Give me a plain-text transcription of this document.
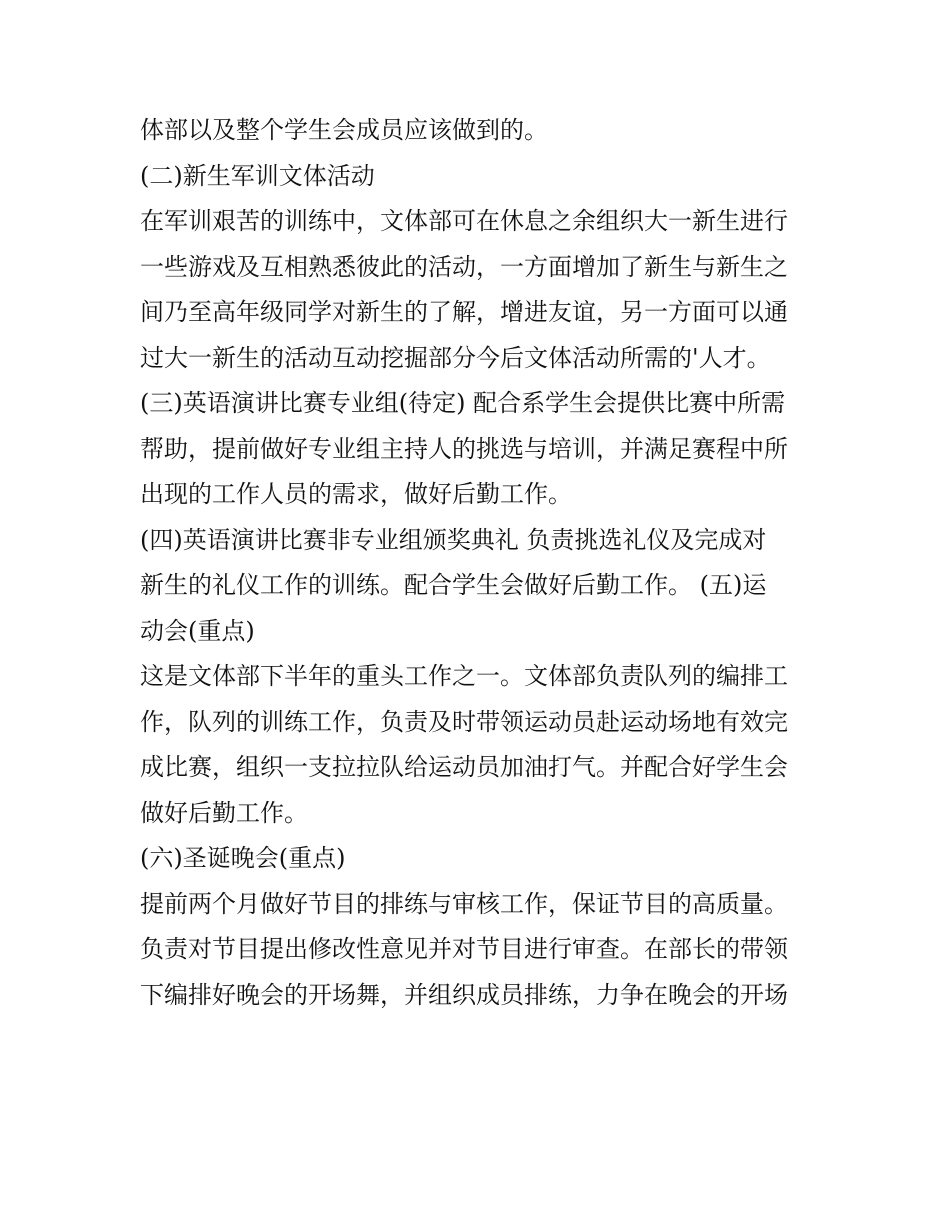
体部以及整个学生会成员应该做到的。
(二)新生军训文体活动
在军训艰苦的训练中，文体部可在休息之余组织大一新生进行
一些游戏及互相熟悉彼此的活动，一方面增加了新生与新生之
间乃至高年级同学对新生的了解，增进友谊，另一方面可以通
过大一新生的活动互动挖掘部分今后文体活动所需的'人才。
(三)英语演讲比赛专业组(待定) 配合系学生会提供比赛中所需
帮助，提前做好专业组主持人的挑选与培训，并满足赛程中所
出现的工作人员的需求，做好后勤工作。
(四)英语演讲比赛非专业组颁奖典礼 负责挑选礼仪及完成对
新生的礼仪工作的训练。配合学生会做好后勤工作。 (五)运
动会(重点)
这是文体部下半年的重头工作之一。文体部负责队列的编排工
作，队列的训练工作，负责及时带领运动员赴运动场地有效完
成比赛，组织一支拉拉队给运动员加油打气。并配合好学生会
做好后勤工作。
(六)圣诞晚会(重点)
提前两个月做好节目的排练与审核工作，保证节目的高质量。
负责对节目提出修改性意见并对节目进行审查。在部长的带领
下编排好晚会的开场舞，并组织成员排练，力争在晚会的开场
